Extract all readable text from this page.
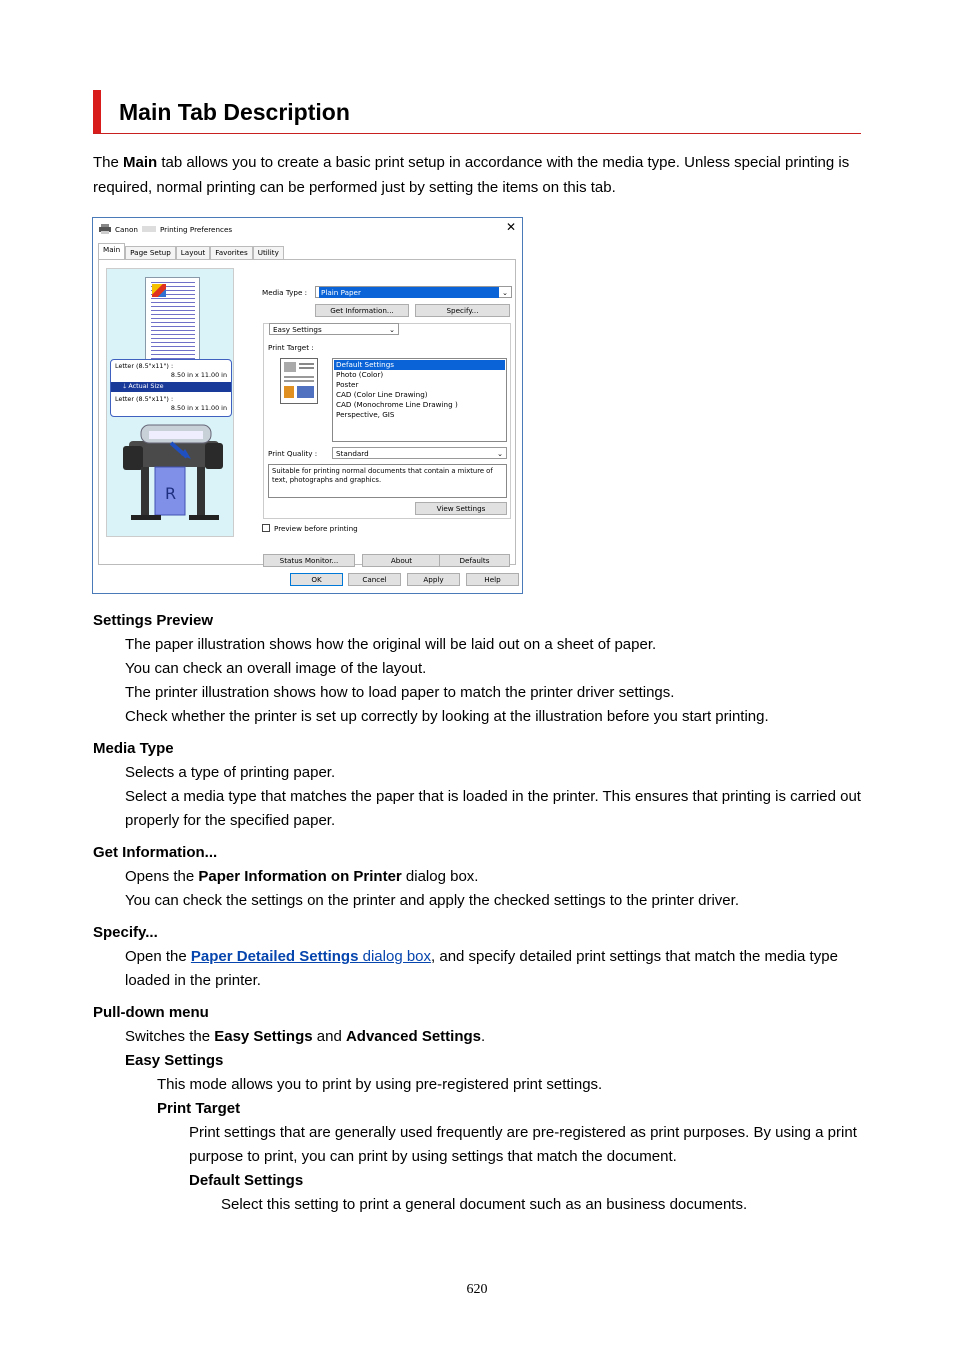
Main Tab Description

The Main tab allows you to create a basic print setup in accordance with the media type. Unless special printing is required, normal printing can be performed just by setting the items on this tab.

Canon	Printing Preferences	✕
Main	Page Setup	Layout	Favorites	Utility
Letter (8.5"x11") :
8.50 in x 11.00 in
🡓 Actual Size
Letter (8.5"x11") :
8.50 in x 11.00 in
R
Media Type :	Plain Paper	⌄
Get Information...	Specify...
Easy Settings	⌄
Print Target :
Default Settings
Photo (Color)
Poster
CAD (Color Line Drawing)
CAD (Monochrome Line Drawing )
Perspective, GIS
Print Quality :	Standard	⌄
Suitable for printing normal documents that contain a mixture of text, photographs and graphics.
View Settings
Preview before printing
Status Monitor...	About	Defaults
OK	Cancel	Apply	Help
Settings Preview
The paper illustration shows how the original will be laid out on a sheet of paper.
You can check an overall image of the layout.
The printer illustration shows how to load paper to match the printer driver settings.
Check whether the printer is set up correctly by looking at the illustration before you start printing.
Media Type
Selects a type of printing paper.
Select a media type that matches the paper that is loaded in the printer. This ensures that printing is carried out properly for the specified paper.
Get Information...
Opens the Paper Information on Printer dialog box.
You can check the settings on the printer and apply the checked settings to the printer driver.
Specify...
Open the Paper Detailed Settings dialog box, and specify detailed print settings that match the media type loaded in the printer.
Pull-down menu
Switches the Easy Settings and Advanced Settings.
Easy Settings
This mode allows you to print by using pre-registered print settings.
Print Target
Print settings that are generally used frequently are pre-registered as print purposes. By using a print purpose to print, you can print by using settings that match the document.
Default Settings
Select this setting to print a general document such as an business documents.
620
